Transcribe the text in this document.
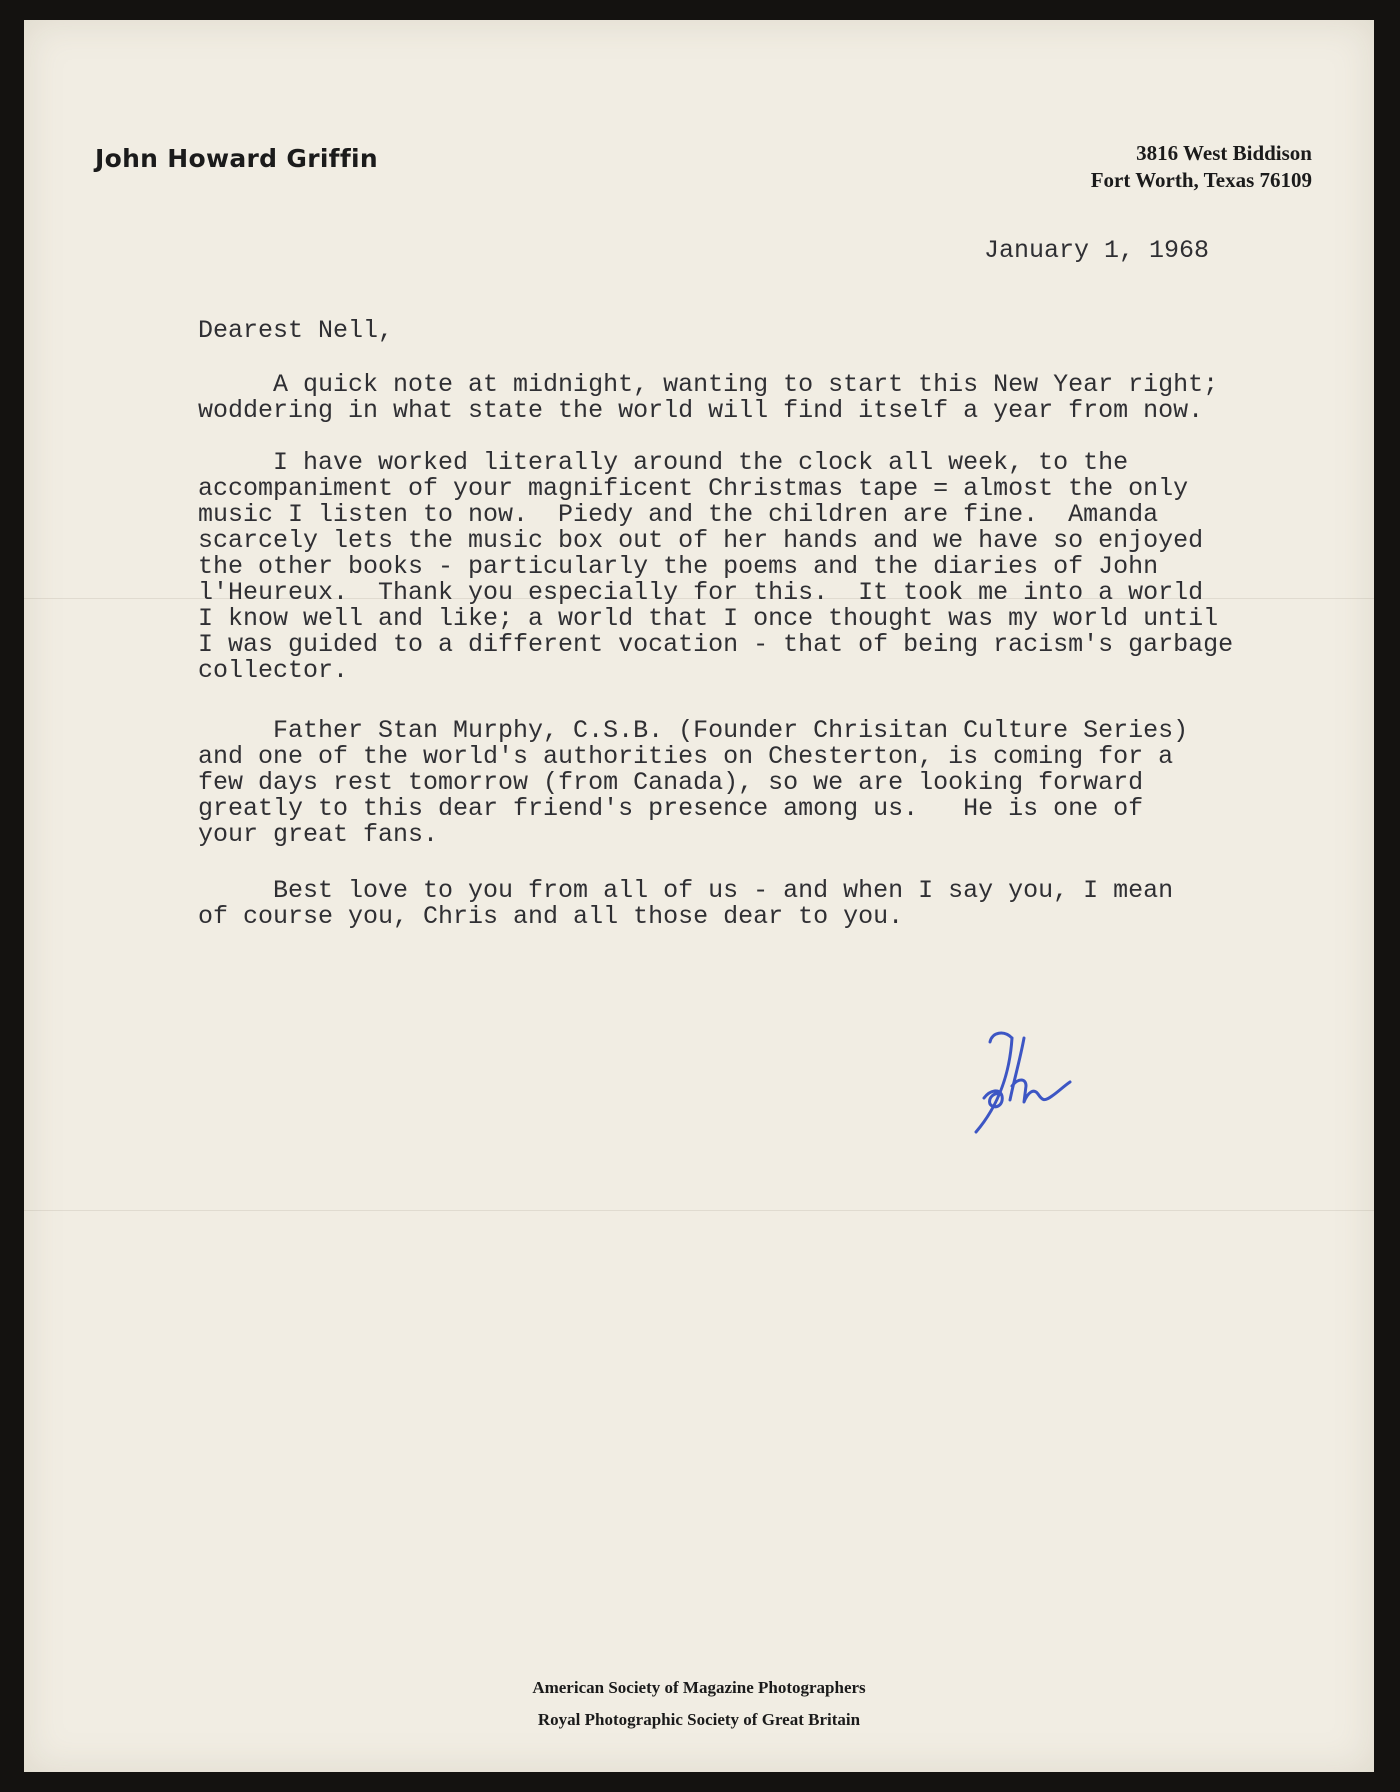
John Howard Griffin	3816 West Biddison
Fort Worth, Texas 76109
January 1, 1968
Dearest Nell,
A quick note at midnight, wanting to start this New Year right;
woddering in what state the world will find itself a year from now.
I have worked literally around the clock all week, to the
accompaniment of your magnificent Christmas tape = almost the only
music I listen to now.  Piedy and the children are fine.  Amanda
scarcely lets the music box out of her hands and we have so enjoyed
the other books - particularly the poems and the diaries of John
l'Heureux.  Thank you especially for this.  It took me into a world
I know well and like; a world that I once thought was my world until
I was guided to a different vocation - that of being racism's garbage
collector.
Father Stan Murphy, C.S.B. (Founder Chrisitan Culture Series)
and one of the world's authorities on Chesterton, is coming for a
few days rest tomorrow (from Canada), so we are looking forward
greatly to this dear friend's presence among us.   He is one of
your great fans.
Best love to you from all of us - and when I say you, I mean
of course you, Chris and all those dear to you.
American Society of Magazine Photographers
Royal Photographic Society of Great Britain
